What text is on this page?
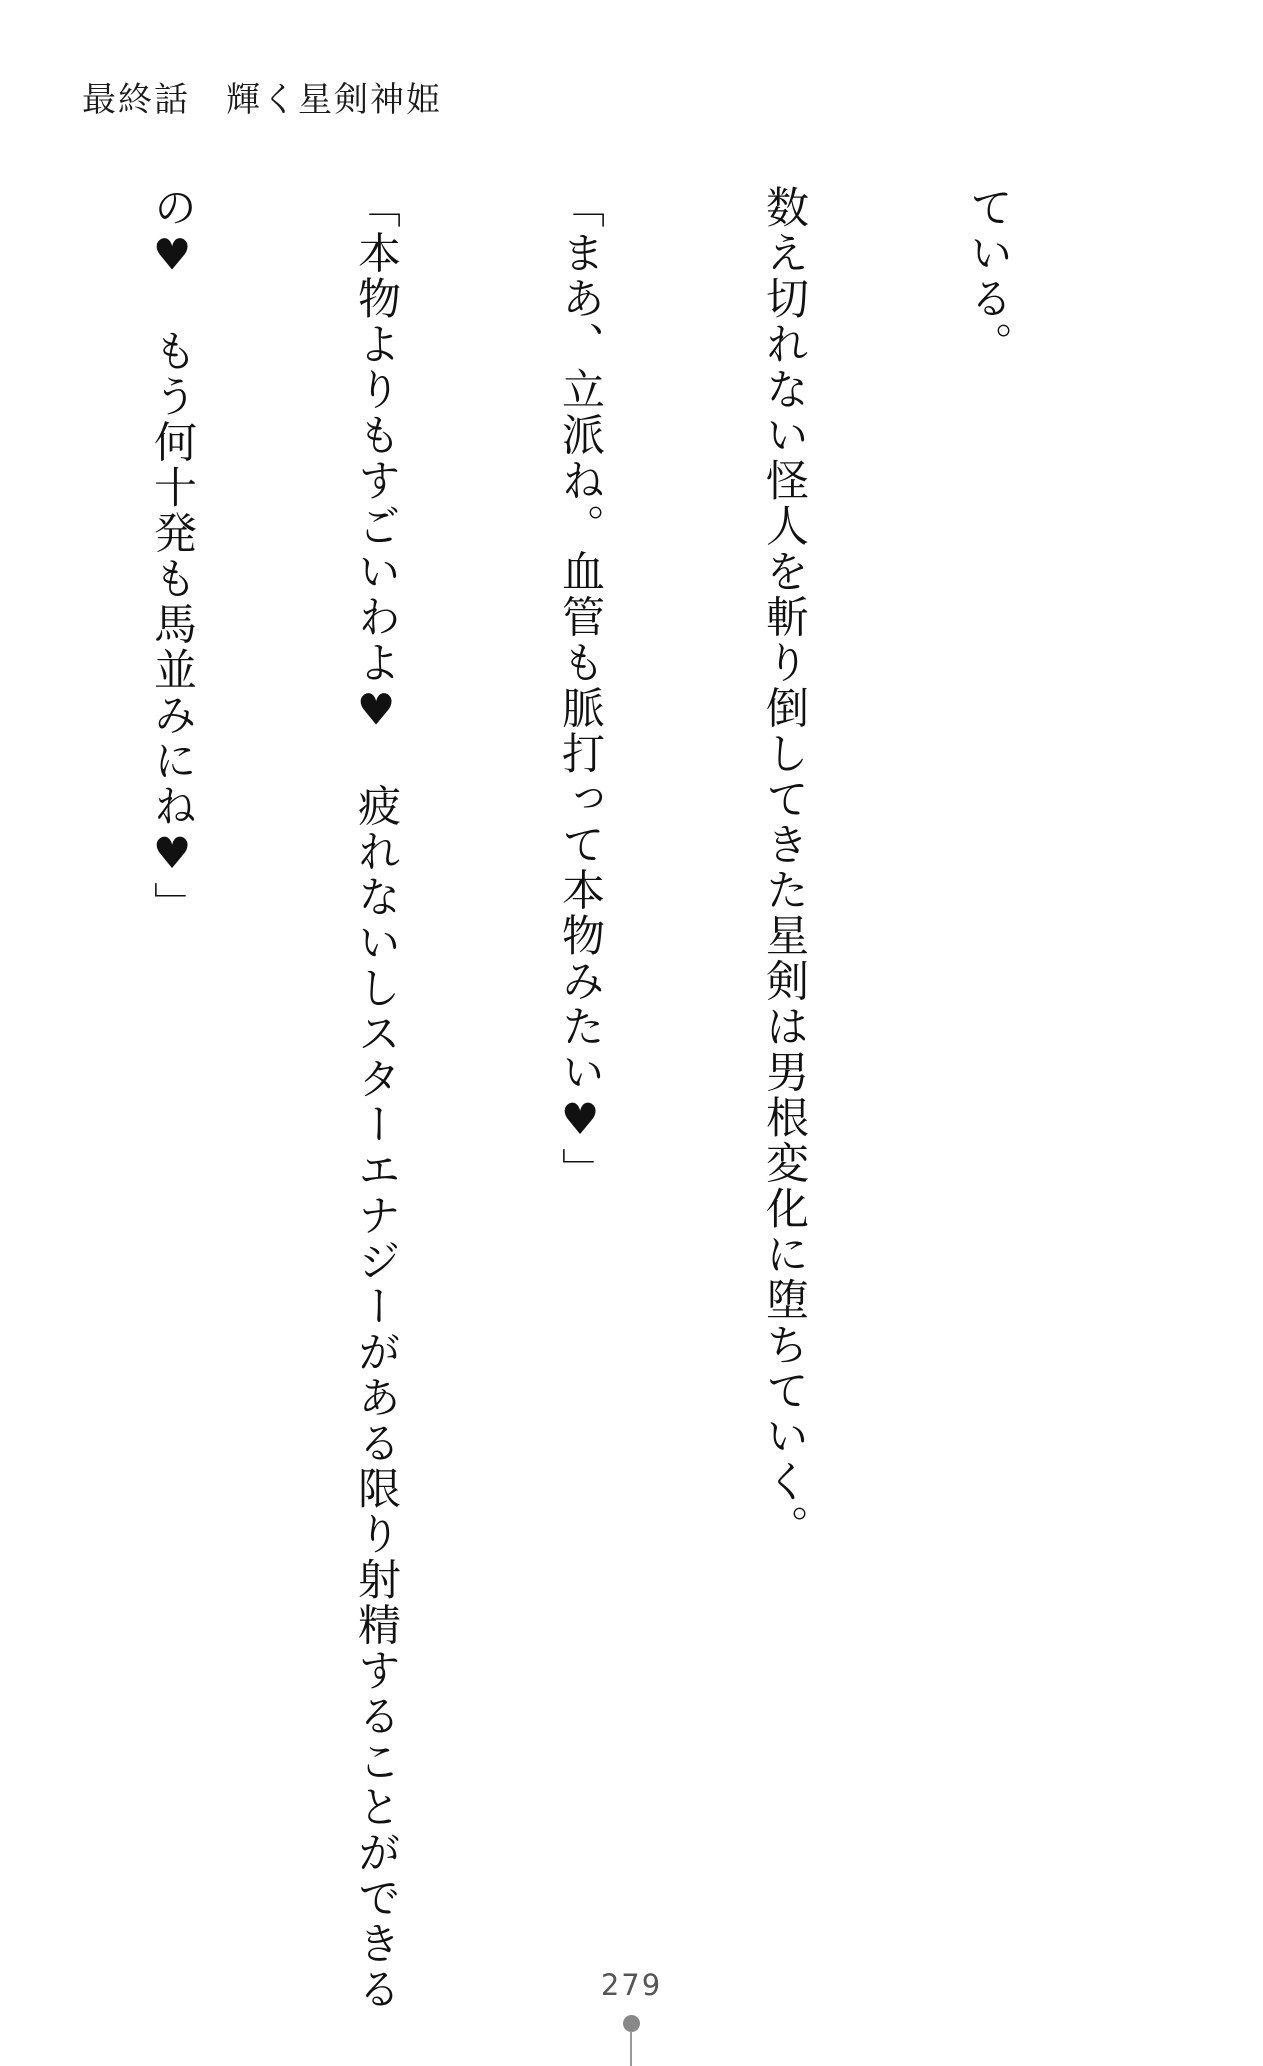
最終話　輝く星剣神姫

ている。

数え切れない怪人を斬り倒してきた星剣は男根変化に堕ちていく。

「まあ、立派ね。血管も脈打って本物みたい♥」

「本物よりもすごいわよ♥　疲れないしスターエナジーがある限り射精することができる

の♥　もう何十発も馬並みにね♥」

279
